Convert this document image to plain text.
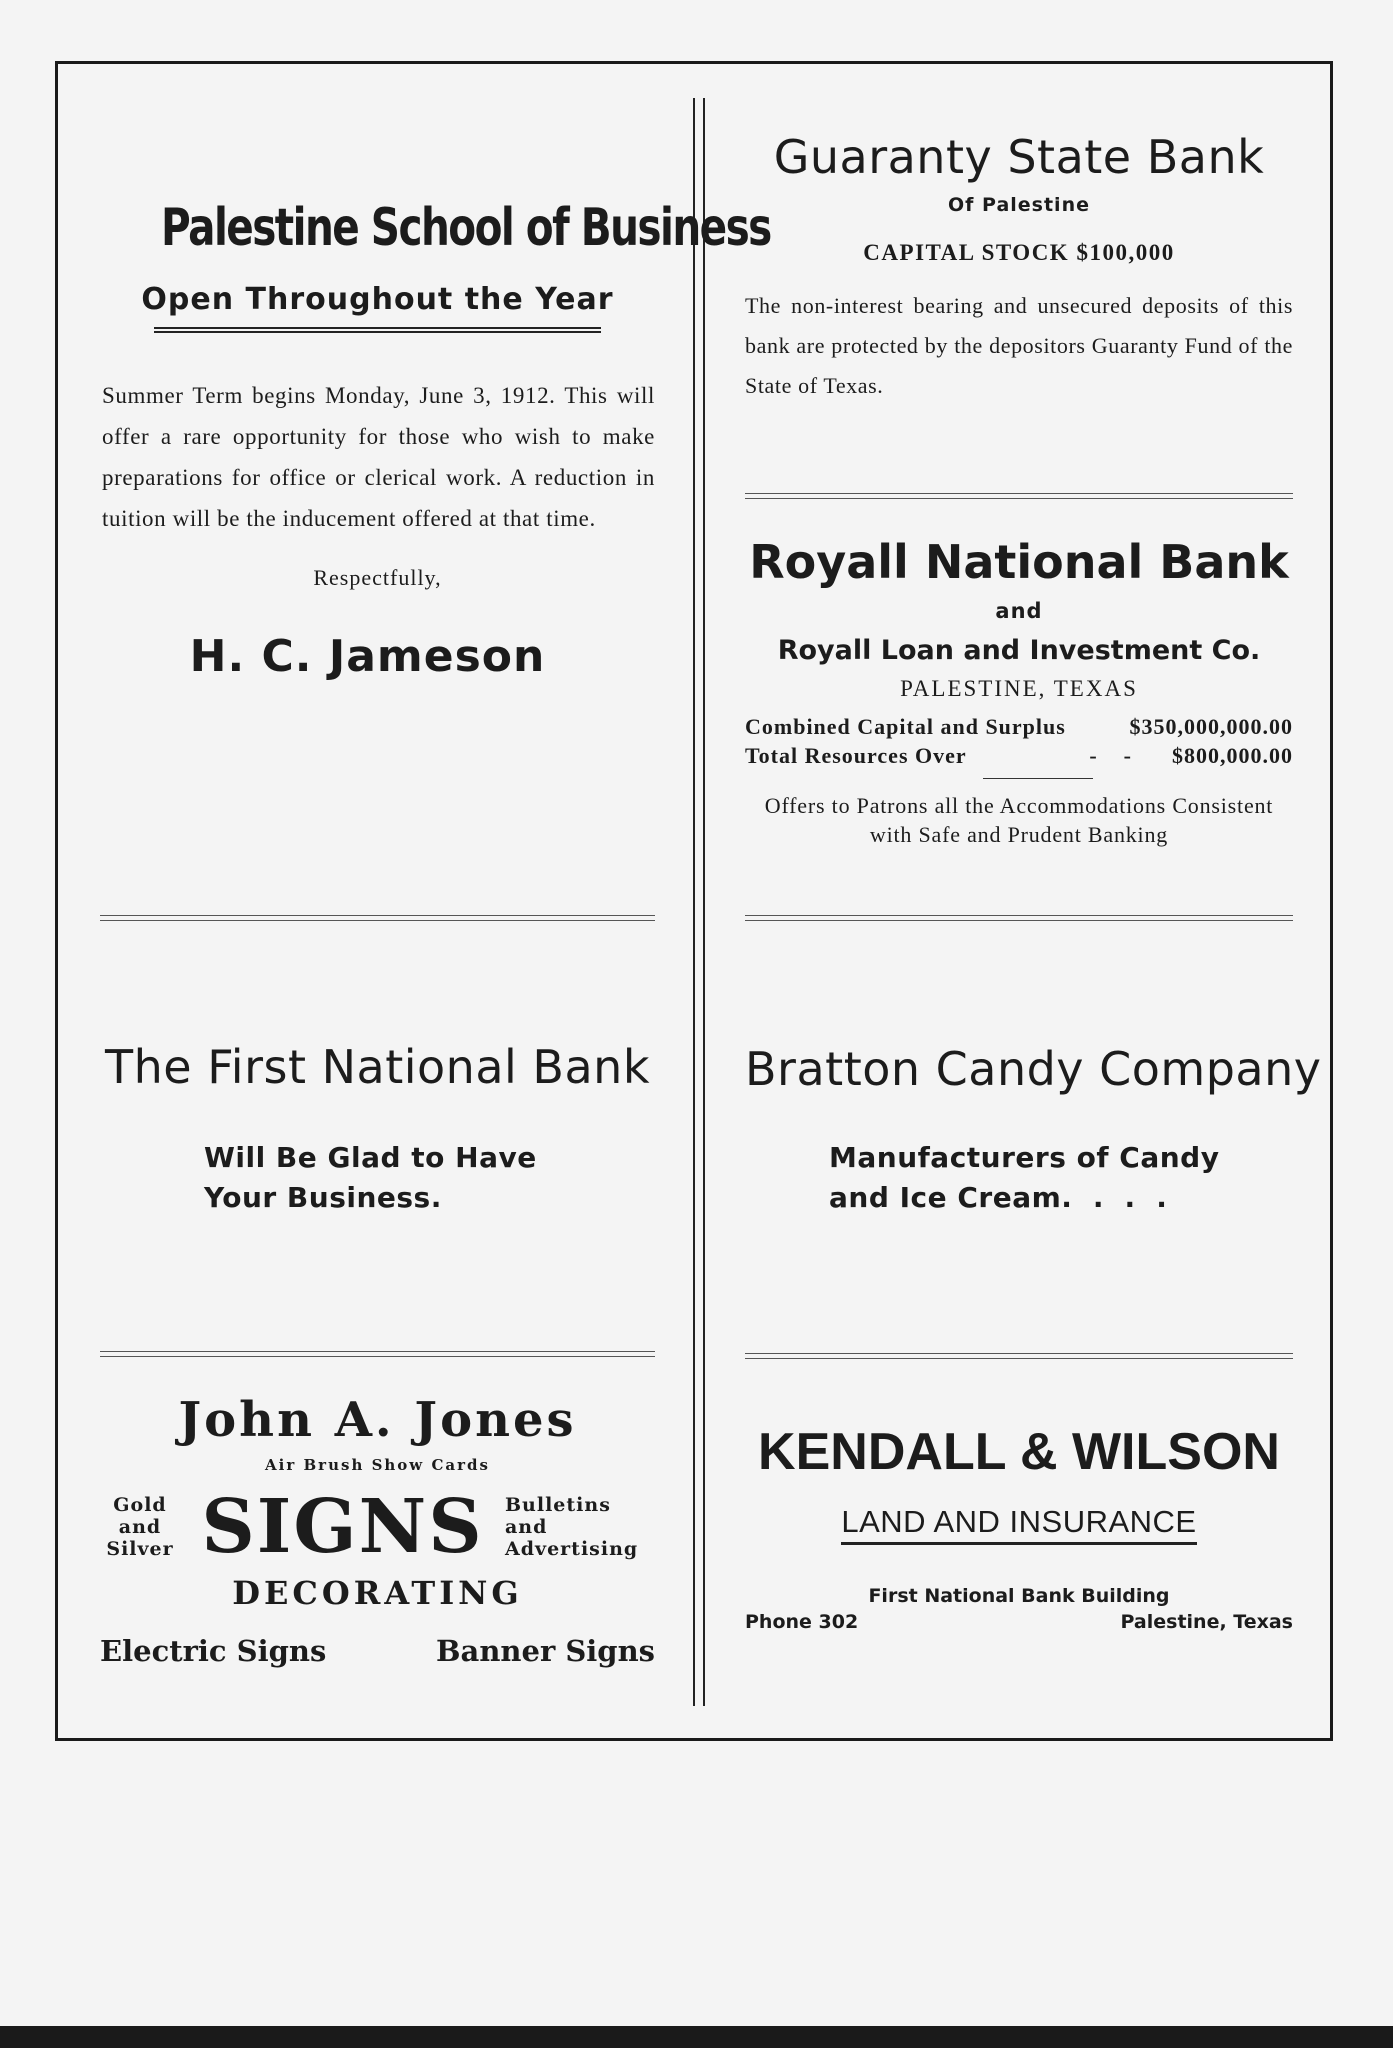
Palestine School of Business
Open Throughout the Year
Summer Term begins Monday, June 3, 1912. This will offer a rare opportunity for those who wish to make preparations for office or clerical work. A reduction in tuition will be the inducement offered at that time.
Respectfully,
H. C. Jameson
Guaranty State Bank
Of Palestine
CAPITAL STOCK $100,000
The non-interest bearing and unsecured deposits of this bank are protected by the depositors Guaranty Fund of the State of Texas.
Royall National Bank
and
Royall Loan and Investment Co.
PALESTINE, TEXAS
Combined Capital and Surplus	$350,000,000.00
Total Resources Over	-    - $800,000.00
Offers to Patrons all the Accommodations Consistent with Safe and Prudent Banking
The First National Bank
Will Be Glad to Have
Your Business.
Bratton Candy Company
Manufacturers of Candy
and Ice Cream.  .  .  .
John A. Jones
Air Brush Show Cards
Gold
and
Silver SIGNS Bulletins
and
Advertising
DECORATING
Electric Signs	Banner Signs
KENDALL & WILSON
LAND AND INSURANCE
First National Bank Building
Phone 302	Palestine, Texas
